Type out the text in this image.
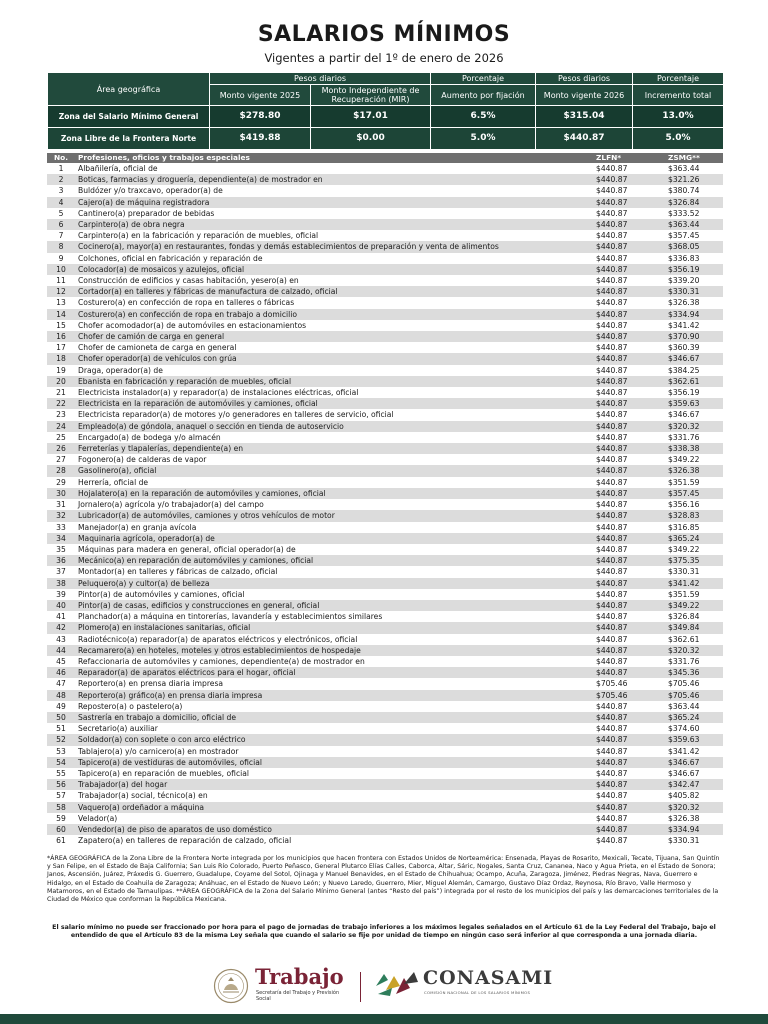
SALARIOS MÍNIMOS
Vigentes a partir del 1º de enero de 2026
Área geográfica	Pesos diarios		Porcentaje	Pesos diarios	Porcentaje
	Monto vigente 2025	Monto Independiente de Recuperación (MIR)	Aumento por fijación	Monto vigente 2026	Incremento total
Zona del Salario Mínimo General	$278.80	$17.01	6.5%	$315.04	13.0%
Zona Libre de la Frontera Norte	$419.88	$0.00	5.0%	$440.87	5.0%
No.	Profesiones, oficios y trabajos especiales	ZLFN*	ZSMG**
1	Albañilería, oficial de	$440.87	$363.44
2	Boticas, farmacias y droguería, dependiente(a) de mostrador en	$440.87	$321.26
3	Buldózer y/o traxcavo, operador(a) de	$440.87	$380.74
4	Cajero(a) de máquina registradora	$440.87	$326.84
5	Cantinero(a) preparador de bebidas	$440.87	$333.52
6	Carpintero(a) de obra negra	$440.87	$363.44
7	Carpintero(a) en la fabricación y reparación de muebles, oficial	$440.87	$357.45
8	Cocinero(a), mayor(a) en restaurantes, fondas y demás establecimientos de preparación y venta de alimentos	$440.87	$368.05
9	Colchones, oficial en fabricación y reparación de	$440.87	$336.83
10	Colocador(a) de mosaicos y azulejos, oficial	$440.87	$356.19
11	Construcción de edificios y casas habitación, yesero(a) en	$440.87	$339.20
12	Cortador(a) en talleres y fábricas de manufactura de calzado, oficial	$440.87	$330.31
13	Costurero(a) en confección de ropa en talleres o fábricas	$440.87	$326.38
14	Costurero(a) en confección de ropa en trabajo a domicilio	$440.87	$334.94
15	Chofer acomodador(a) de automóviles en estacionamientos	$440.87	$341.42
16	Chofer de camión de carga en general	$440.87	$370.90
17	Chofer de camioneta de carga en general	$440.87	$360.39
18	Chofer operador(a) de vehículos con grúa	$440.87	$346.67
19	Draga, operador(a) de	$440.87	$384.25
20	Ebanista en fabricación y reparación de muebles, oficial	$440.87	$362.61
21	Electricista instalador(a) y reparador(a) de instalaciones eléctricas, oficial	$440.87	$356.19
22	Electricista en la reparación de automóviles y camiones, oficial	$440.87	$359.63
23	Electricista reparador(a) de motores y/o generadores en talleres de servicio, oficial	$440.87	$346.67
24	Empleado(a) de góndola, anaquel o sección en tienda de autoservicio	$440.87	$320.32
25	Encargado(a) de bodega y/o almacén	$440.87	$331.76
26	Ferreterías y tlapalerías, dependiente(a) en	$440.87	$338.38
27	Fogonero(a) de calderas de vapor	$440.87	$349.22
28	Gasolinero(a), oficial	$440.87	$326.38
29	Herrería, oficial de	$440.87	$351.59
30	Hojalatero(a) en la reparación de automóviles y camiones, oficial	$440.87	$357.45
31	Jornalero(a) agrícola y/o trabajador(a) del campo	$440.87	$356.16
32	Lubricador(a) de automóviles, camiones y otros vehículos de motor	$440.87	$328.83
33	Manejador(a) en granja avícola	$440.87	$316.85
34	Maquinaria agrícola, operador(a) de	$440.87	$365.24
35	Máquinas para madera en general, oficial operador(a) de	$440.87	$349.22
36	Mecánico(a) en reparación de automóviles y camiones, oficial	$440.87	$375.35
37	Montador(a) en talleres y fábricas de calzado, oficial	$440.87	$330.31
38	Peluquero(a) y cultor(a) de belleza	$440.87	$341.42
39	Pintor(a) de automóviles y camiones, oficial	$440.87	$351.59
40	Pintor(a) de casas, edificios y construcciones en general, oficial	$440.87	$349.22
41	Planchador(a) a máquina en tintorerías, lavandería y establecimientos similares	$440.87	$326.84
42	Plomero(a) en instalaciones sanitarias, oficial	$440.87	$349.84
43	Radiotécnico(a) reparador(a) de aparatos eléctricos y electrónicos, oficial	$440.87	$362.61
44	Recamarero(a) en hoteles, moteles y otros establecimientos de hospedaje	$440.87	$320.32
45	Refaccionaria de automóviles y camiones, dependiente(a) de mostrador en	$440.87	$331.76
46	Reparador(a) de aparatos eléctricos para el hogar, oficial	$440.87	$345.36
47	Reportero(a) en prensa diaria impresa	$705.46	$705.46
48	Reportero(a) gráfico(a) en prensa diaria impresa	$705.46	$705.46
49	Repostero(a) o pastelero(a)	$440.87	$363.44
50	Sastrería en trabajo a domicilio, oficial de	$440.87	$365.24
51	Secretario(a) auxiliar	$440.87	$374.60
52	Soldador(a) con soplete o con arco eléctrico	$440.87	$359.63
53	Tablajero(a) y/o carnicero(a) en mostrador	$440.87	$341.42
54	Tapicero(a) de vestiduras de automóviles, oficial	$440.87	$346.67
55	Tapicero(a) en reparación de muebles, oficial	$440.87	$346.67
56	Trabajador(a) del hogar	$440.87	$342.47
57	Trabajador(a) social, técnico(a) en	$440.87	$405.82
58	Vaquero(a) ordeñador a máquina	$440.87	$320.32
59	Velador(a)	$440.87	$326.38
60	Vendedor(a) de piso de aparatos de uso doméstico	$440.87	$334.94
61	Zapatero(a) en talleres de reparación de calzado, oficial	$440.87	$330.31
*ÁREA GEOGRÁFICA de la Zona Libre de la Frontera Norte integrada por los municipios que hacen frontera con Estados Unidos de Norteamérica: Ensenada, Playas de Rosarito, Mexicali, Tecate, Tijuana, San Quintín y San Felipe, en el Estado de Baja California; San Luis Río Colorado, Puerto Peñasco, General Plutarco Elías Calles, Caborca, Altar, Sáric, Nogales, Santa Cruz, Cananea, Naco y Agua Prieta, en el Estado de Sonora; Janos, Ascensión, Juárez, Práxedis G. Guerrero, Guadalupe, Coyame del Sotol, Ojinaga y Manuel Benavides, en el Estado de Chihuahua; Ocampo, Acuña, Zaragoza, Jiménez, Piedras Negras, Nava, Guerrero e Hidalgo, en el Estado de Coahuila de Zaragoza; Anáhuac, en el Estado de Nuevo León; y Nuevo Laredo, Guerrero, Mier, Miguel Alemán, Camargo, Gustavo Díaz Ordaz, Reynosa, Río Bravo, Valle Hermoso y Matamoros, en el Estado de Tamaulipas. **ÁREA GEOGRÁFICA de la Zona del Salario Mínimo General (antes “Resto del país”) integrada por el resto de los municipios del país y las demarcaciones territoriales de la Ciudad de México que conforman la República Mexicana.
El salario mínimo no puede ser fraccionado por hora para el pago de jornadas de trabajo inferiores a los máximos legales señalados en el Artículo 61 de la Ley Federal del Trabajo, bajo el entendido de que el Artículo 83 de la misma Ley señala que cuando el salario se fije por unidad de tiempo en ningún caso será inferior al que corresponda a una jornada diaria.
Trabajo
Secretaría del Trabajo y Previsión Social
CONASAMI
COMISIÓN NACIONAL DE LOS SALARIOS MÍNIMOS
